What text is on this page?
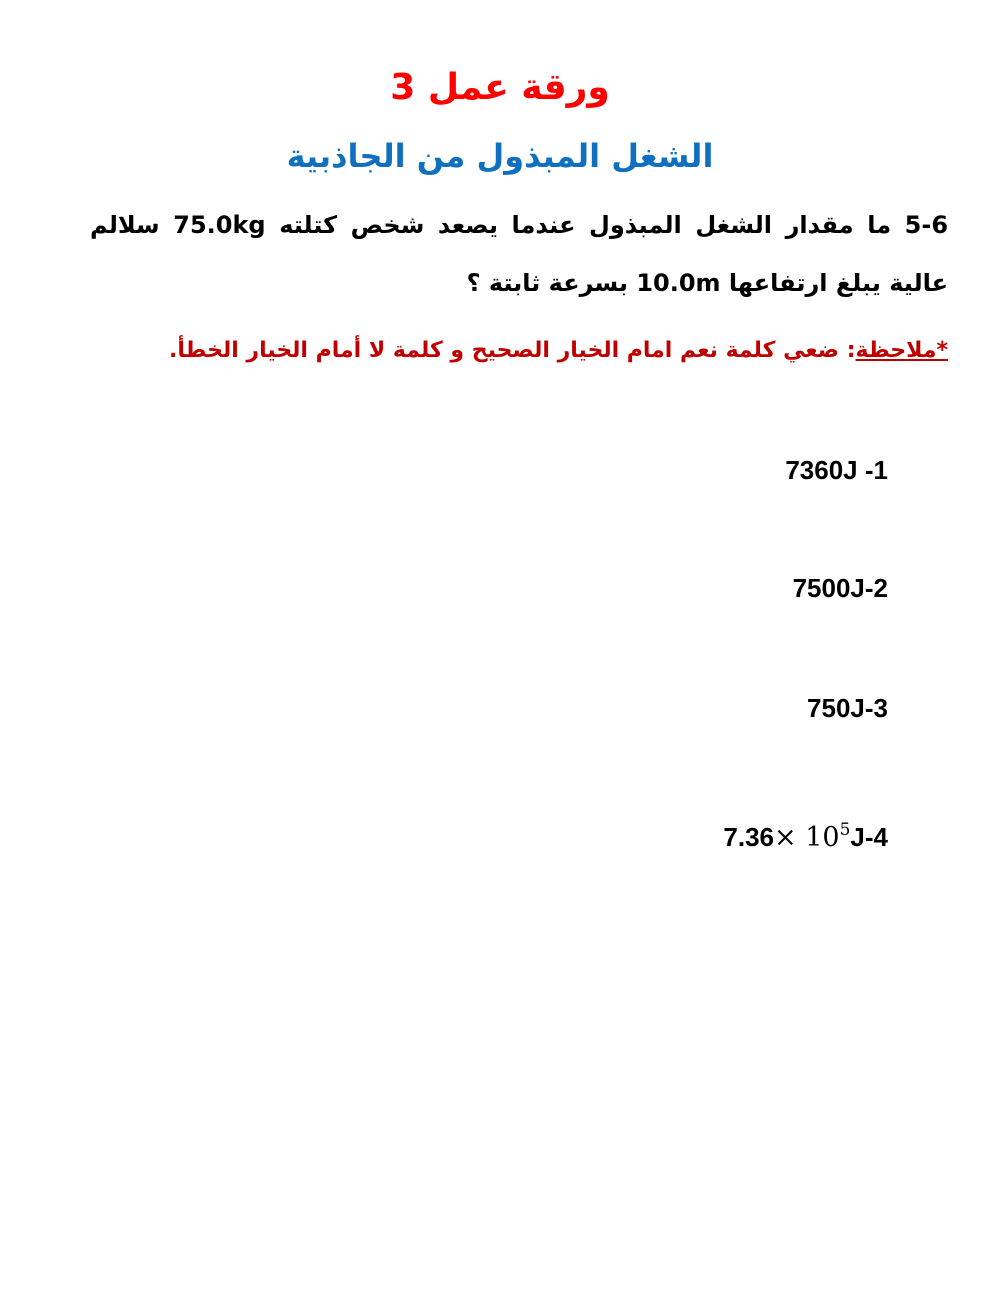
ورقة عمل 3
الشغل المبذول من الجاذبية
5-6 ما مقدار الشغل المبذول عندما يصعد شخص كتلته 75.0kg سلالم عالية يبلغ ارتفاعها 10.0m بسرعة ثابتة ؟
*ملاحظة: ضعي كلمة نعم امام الخيار الصحيح و كلمة لا أمام الخيار الخطأ.
7360J -1
7500J-2
750J-3
$7.36\times 10^5J-4$
